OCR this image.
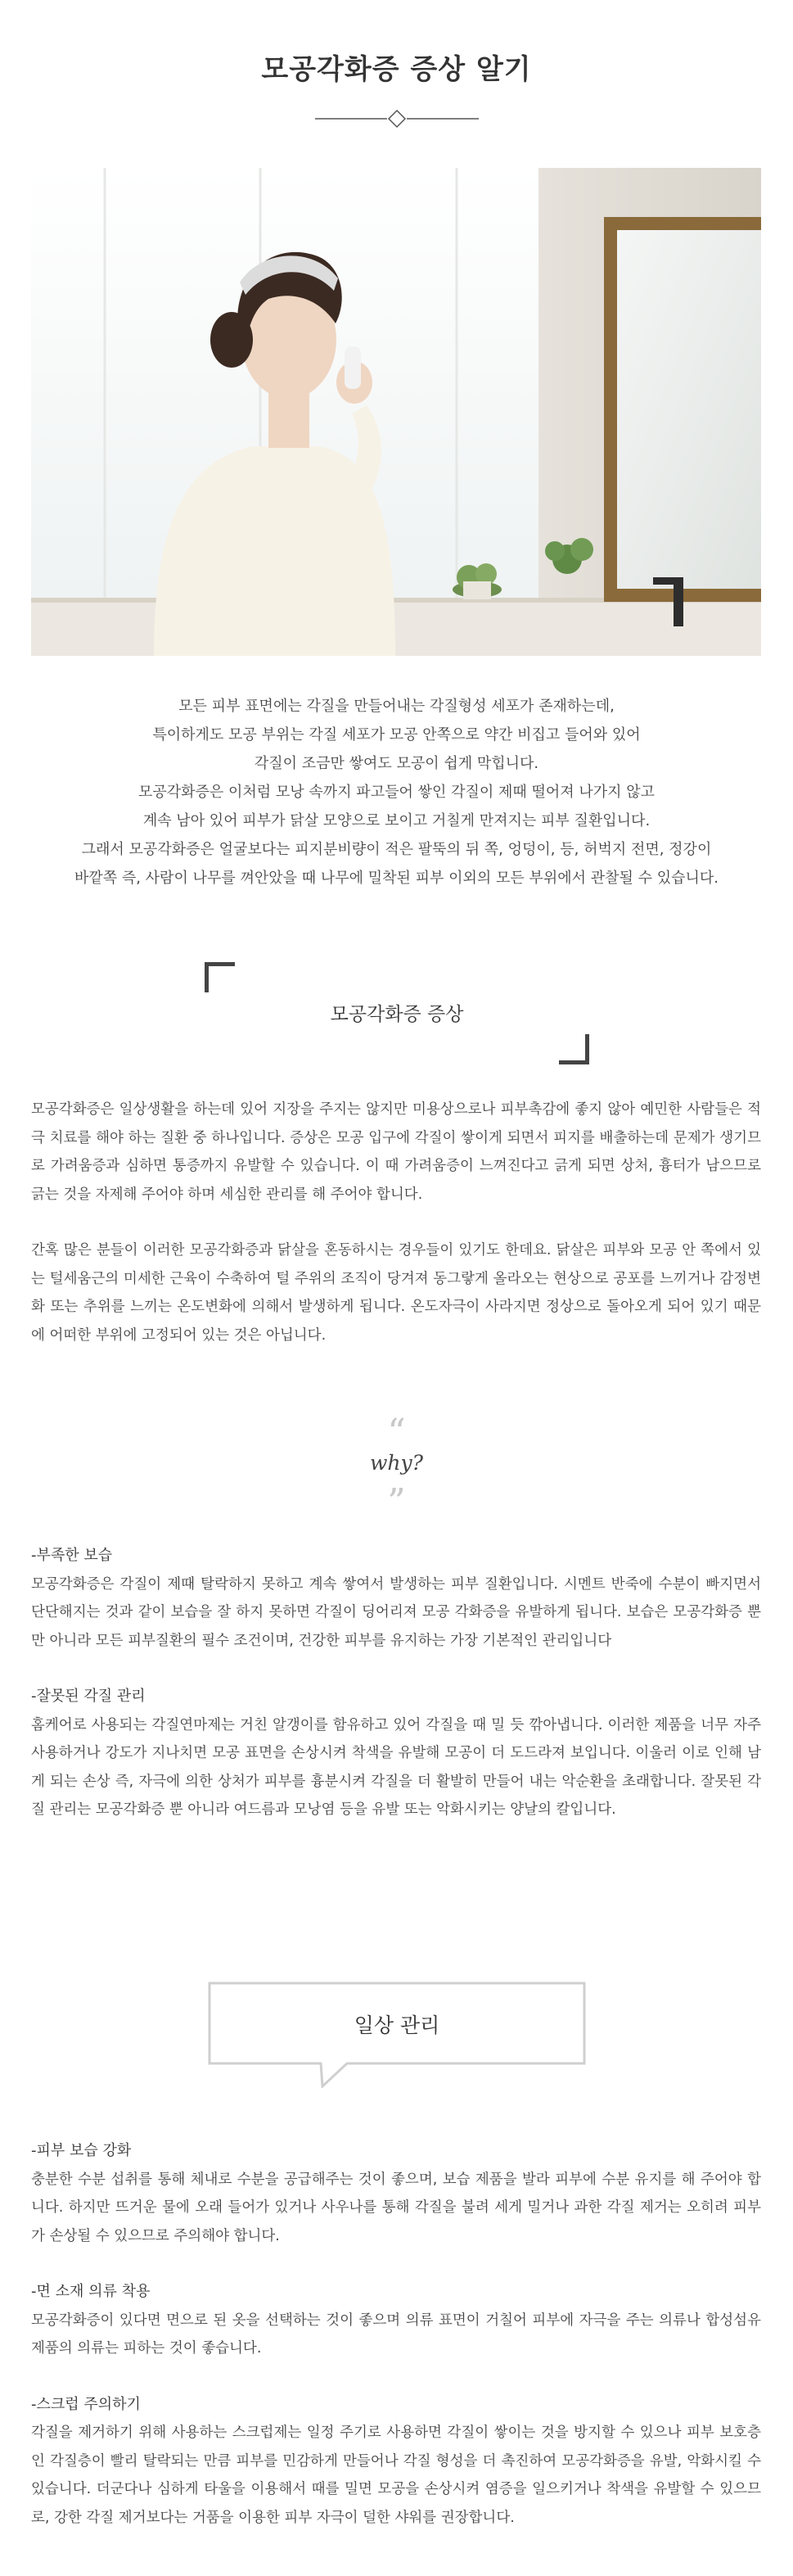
모공각화증 증상 알기

모든 피부 표면에는 각질을 만들어내는 각질형성 세포가 존재하는데,

특이하게도 모공 부위는 각질 세포가 모공 안쪽으로 약간 비집고 들어와 있어

각질이 조금만 쌓여도 모공이 쉽게 막힙니다.

모공각화증은 이처럼 모낭 속까지 파고들어 쌓인 각질이 제때 떨어져 나가지 않고

계속 남아 있어 피부가 닭살 모양으로 보이고 거칠게 만져지는 피부 질환입니다.

그래서 모공각화증은 얼굴보다는 피지분비량이 적은 팔뚝의 뒤 쪽, 엉덩이, 등, 허벅지 전면, 정강이

바깥쪽 즉, 사람이 나무를 껴안았을 때 나무에 밀착된 피부 이외의 모든 부위에서 관찰될 수 있습니다.

모공각화증 증상

모공각화증은 일상생활을 하는데 있어 지장을 주지는 않지만 미용상으로나 피부촉감에 좋지 않아 예민한 사람들은 적극 치료를 해야 하는 질환 중 하나입니다. 증상은 모공 입구에 각질이 쌓이게 되면서 피지를 배출하는데 문제가 생기므로 가려움증과 심하면 통증까지 유발할 수 있습니다. 이 때 가려움증이 느껴진다고 긁게 되면 상처, 흉터가 남으므로 긁는 것을 자제해 주어야 하며 세심한 관리를 해 주어야 합니다.

간혹 많은 분들이 이러한 모공각화증과 닭살을 혼동하시는 경우들이 있기도 한데요. 닭살은 피부와 모공 안 쪽에서 있는 털세움근의 미세한 근육이 수축하여 털 주위의 조직이 당겨져 동그랗게 올라오는 현상으로 공포를 느끼거나 감정변화 또는 추위를 느끼는 온도변화에 의해서 발생하게 됩니다. 온도자극이 사라지면 정상으로 돌아오게 되어 있기 때문에 어떠한 부위에 고정되어 있는 것은 아닙니다.

“
why?
”

-부족한 보습

모공각화증은 각질이 제때 탈락하지 못하고 계속 쌓여서 발생하는 피부 질환입니다. 시멘트 반죽에 수분이 빠지면서 단단해지는 것과 같이 보습을 잘 하지 못하면 각질이 딩어리져 모공 각화증을 유발하게 됩니다. 보습은 모공각화증 뿐만 아니라 모든 피부질환의 필수 조건이며, 건강한 피부를 유지하는 가장 기본적인 관리입니다

-잘못된 각질 관리

홈케어로 사용되는 각질연마제는 거친 알갱이를 함유하고 있어 각질을 때 밀 듯 깎아냅니다. 이러한 제품을 너무 자주 사용하거나 강도가 지나치면 모공 표면을 손상시켜 착색을 유발해 모공이 더 도드라져 보입니다. 이울러 이로 인해 남게 되는 손상 즉, 자극에 의한 상처가 피부를 흉분시켜 각질을 더 활발히 만들어 내는 악순환을 초래합니다. 잘못된 각질 관리는 모공각화증 뿐 아니라 여드름과 모낭염 등을 유발 또는 악화시키는 양날의 칼입니다.

일상 관리

-피부 보습 강화

충분한 수분 섭취를 통해 체내로 수분을 공급해주는 것이 좋으며, 보습 제품을 발라 피부에 수분 유지를 해 주어야 합니다. 하지만 뜨거운 물에 오래 들어가 있거나 사우나를 통해 각질을 불려 세게 밀거나 과한 각질 제거는 오히려 피부가 손상될 수 있으므로 주의해야 합니다.

-면 소재 의류 착용

모공각화증이 있다면 면으로 된 옷을 선택하는 것이 좋으며 의류 표면이 거칠어 피부에 자극을 주는 의류나 합성섬유제품의 의류는 피하는 것이 좋습니다.

-스크럽 주의하기

각질을 제거하기 위해 사용하는 스크럽제는 일정 주기로 사용하면 각질이 쌓이는 것을 방지할 수 있으나 피부 보호층인 각질층이 빨리 탈락되는 만큼 피부를 민감하게 만들어나 각질 형성을 더 촉진하여 모공각화증을 유발, 악화시킬 수 있습니다. 더군다나 심하게 타울을 이용해서 때를 밀면 모공을 손상시켜 염증을 일으키거나 착색을 유발할 수 있으므로, 강한 각질 제거보다는 거품을 이용한 피부 자극이 덜한 샤워를 권장합니다.
